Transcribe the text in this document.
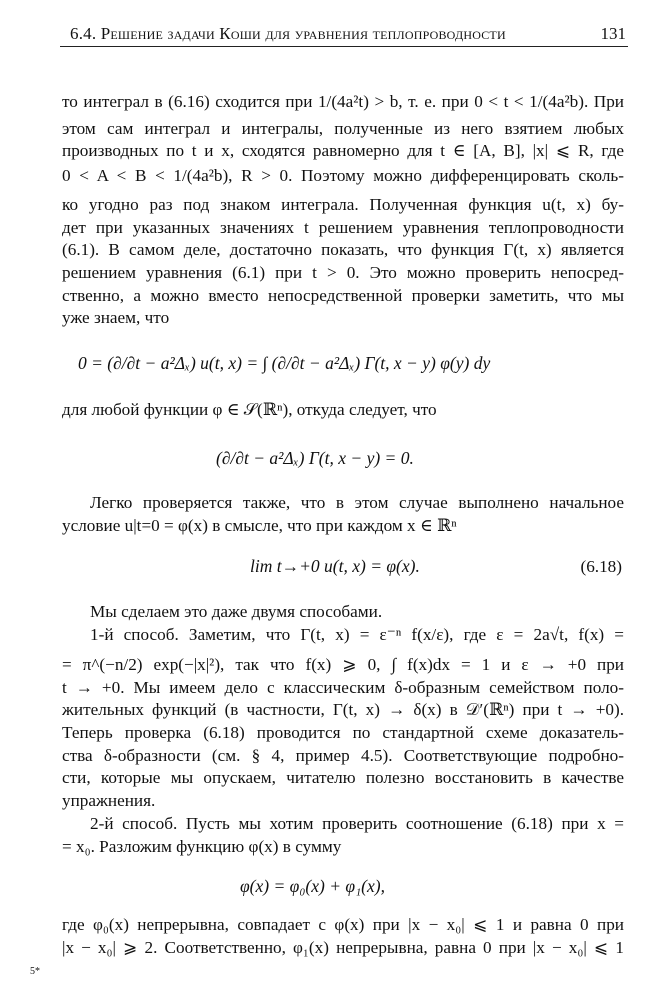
6.4. Решение задачи Коши для уравнения теплопроводности	131
то интеграл в (6.16) сходится при 1/(4a²t) > b, т. е. при 0 < t < 1/(4a²b). При
этом сам интеграл и интегралы, полученные из него взятием любых
производных по t и x, сходятся равномерно для t ∈ [A, B], |x| ⩽ R, где
0 < A < B < 1/(4a²b), R > 0. Поэтому можно дифференцировать сколь-
ко угодно раз под знаком интеграла. Полученная функция u(t, x) бу-
дет при указанных значениях t решением уравнения теплопроводности
(6.1). В самом деле, достаточно показать, что функция Γ(t, x) является
решением уравнения (6.1) при t > 0. Это можно проверить непосред-
ственно, а можно вместо непосредственной проверки заметить, что мы
уже знаем, что
0 = (∂/∂t − a²Δₓ) u(t, x) = ∫ (∂/∂t − a²Δₓ) Γ(t, x − y) φ(y) dy
для любой функции φ ∈ 𝒮(ℝⁿ), откуда следует, что
(∂/∂t − a²Δₓ) Γ(t, x − y) = 0.
Легко проверяется также, что в этом случае выполнено начальное
условие u|t=0 = φ(x) в смысле, что при каждом x ∈ ℝⁿ
lim t→+0 u(t, x) = φ(x).	(6.18)
Мы сделаем это даже двумя способами.
1-й способ. Заметим, что Γ(t, x) = ε⁻ⁿ f(x/ε), где ε = 2a√t, f(x) =
= π^(−n/2) exp(−|x|²), так что f(x) ⩾ 0, ∫ f(x)dx = 1 и ε → +0 при
t → +0. Мы имеем дело с классическим δ-образным семейством поло-
жительных функций (в частности, Γ(t, x) → δ(x) в 𝒟′(ℝⁿ) при t → +0).
Теперь проверка (6.18) проводится по стандартной схеме доказатель-
ства δ-образности (см. § 4, пример 4.5). Соответствующие подробно-
сти, которые мы опускаем, читателю полезно восстановить в качестве
упражнения.
2-й способ. Пусть мы хотим проверить соотношение (6.18) при x =
= x₀. Разложим функцию φ(x) в сумму
φ(x) = φ₀(x) + φ₁(x),
где φ₀(x) непрерывна, совпадает с φ(x) при |x − x₀| ⩽ 1 и равна 0 при
|x − x₀| ⩾ 2. Соответственно, φ₁(x) непрерывна, равна 0 при |x − x₀| ⩽ 1
5*
